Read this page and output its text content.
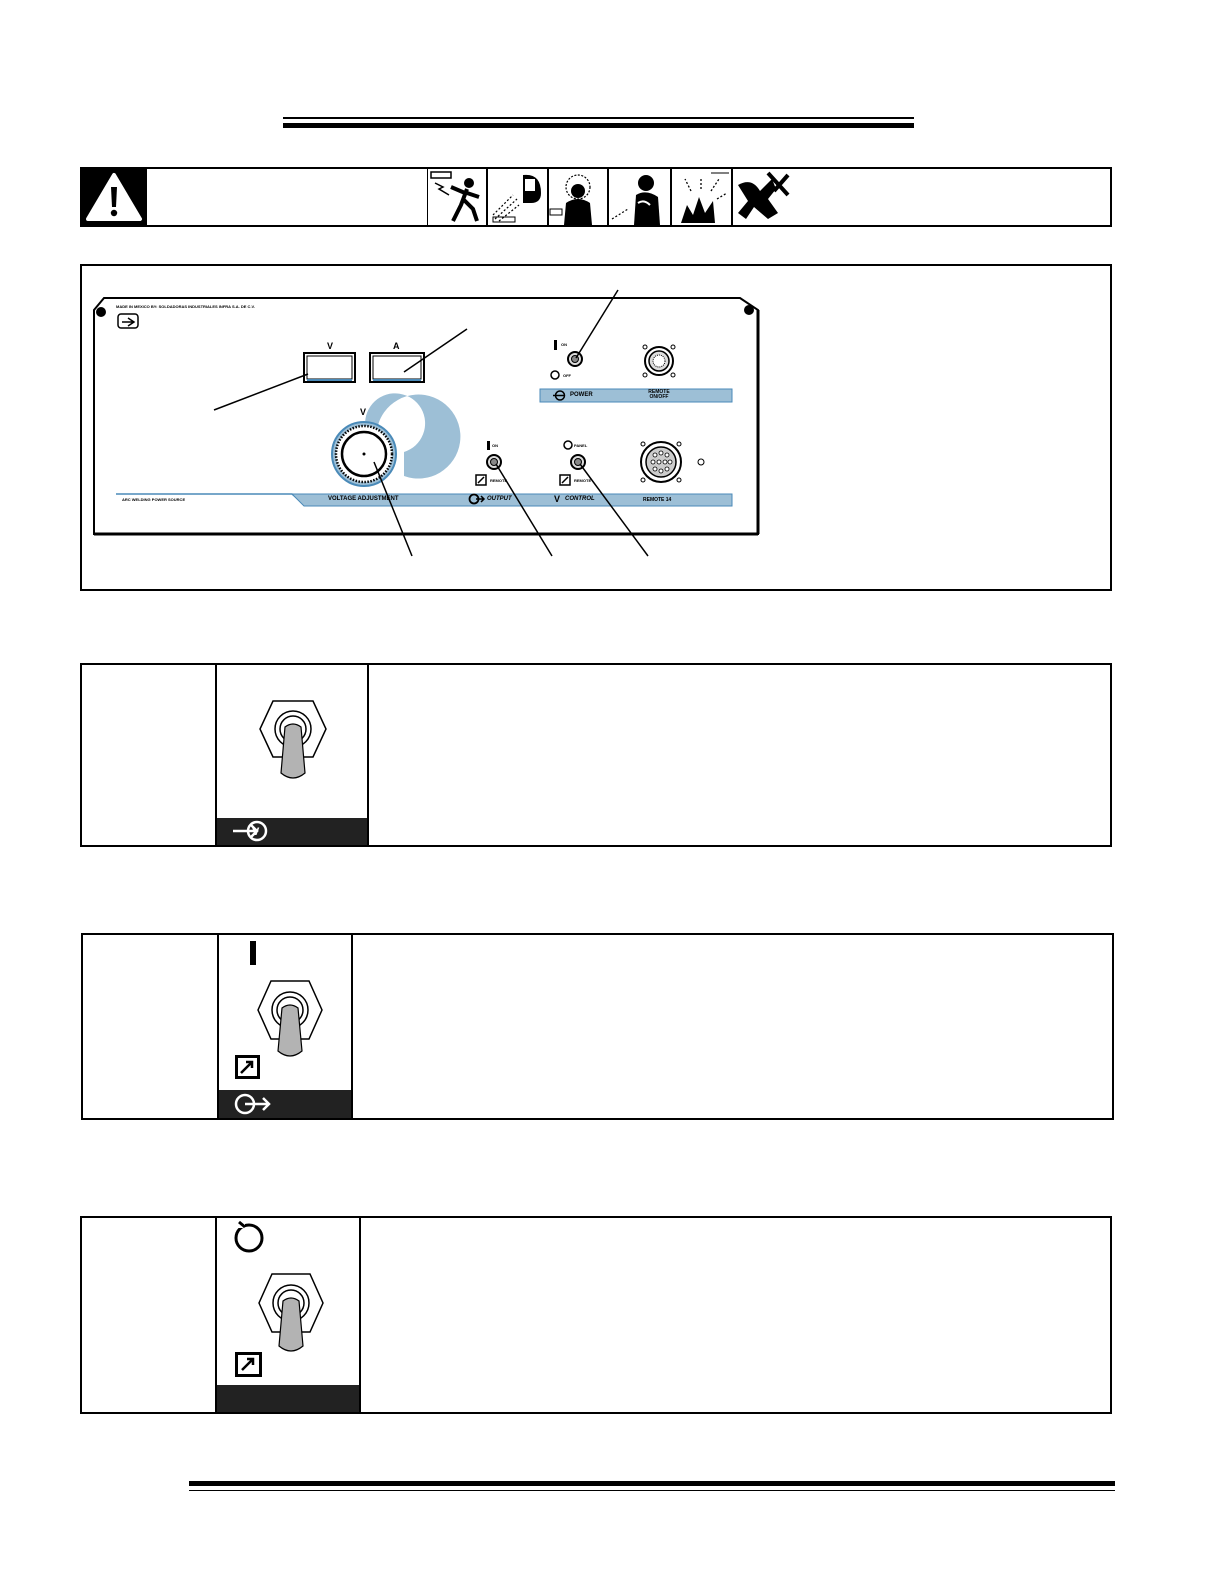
MADE IN MEXICO BY: SOLDADORAS INDUSTRIALES INFRA S.A. DE C.V.
V	A
V
ON
OFF
POWER	REMOTE ON/OFF
ON
REMOTE
PANEL
REMOTE
ARC WELDING POWER SOURCE	VOLTAGE ADJUSTMENT	OUTPUT	V CONTROL	REMOTE 14
V
